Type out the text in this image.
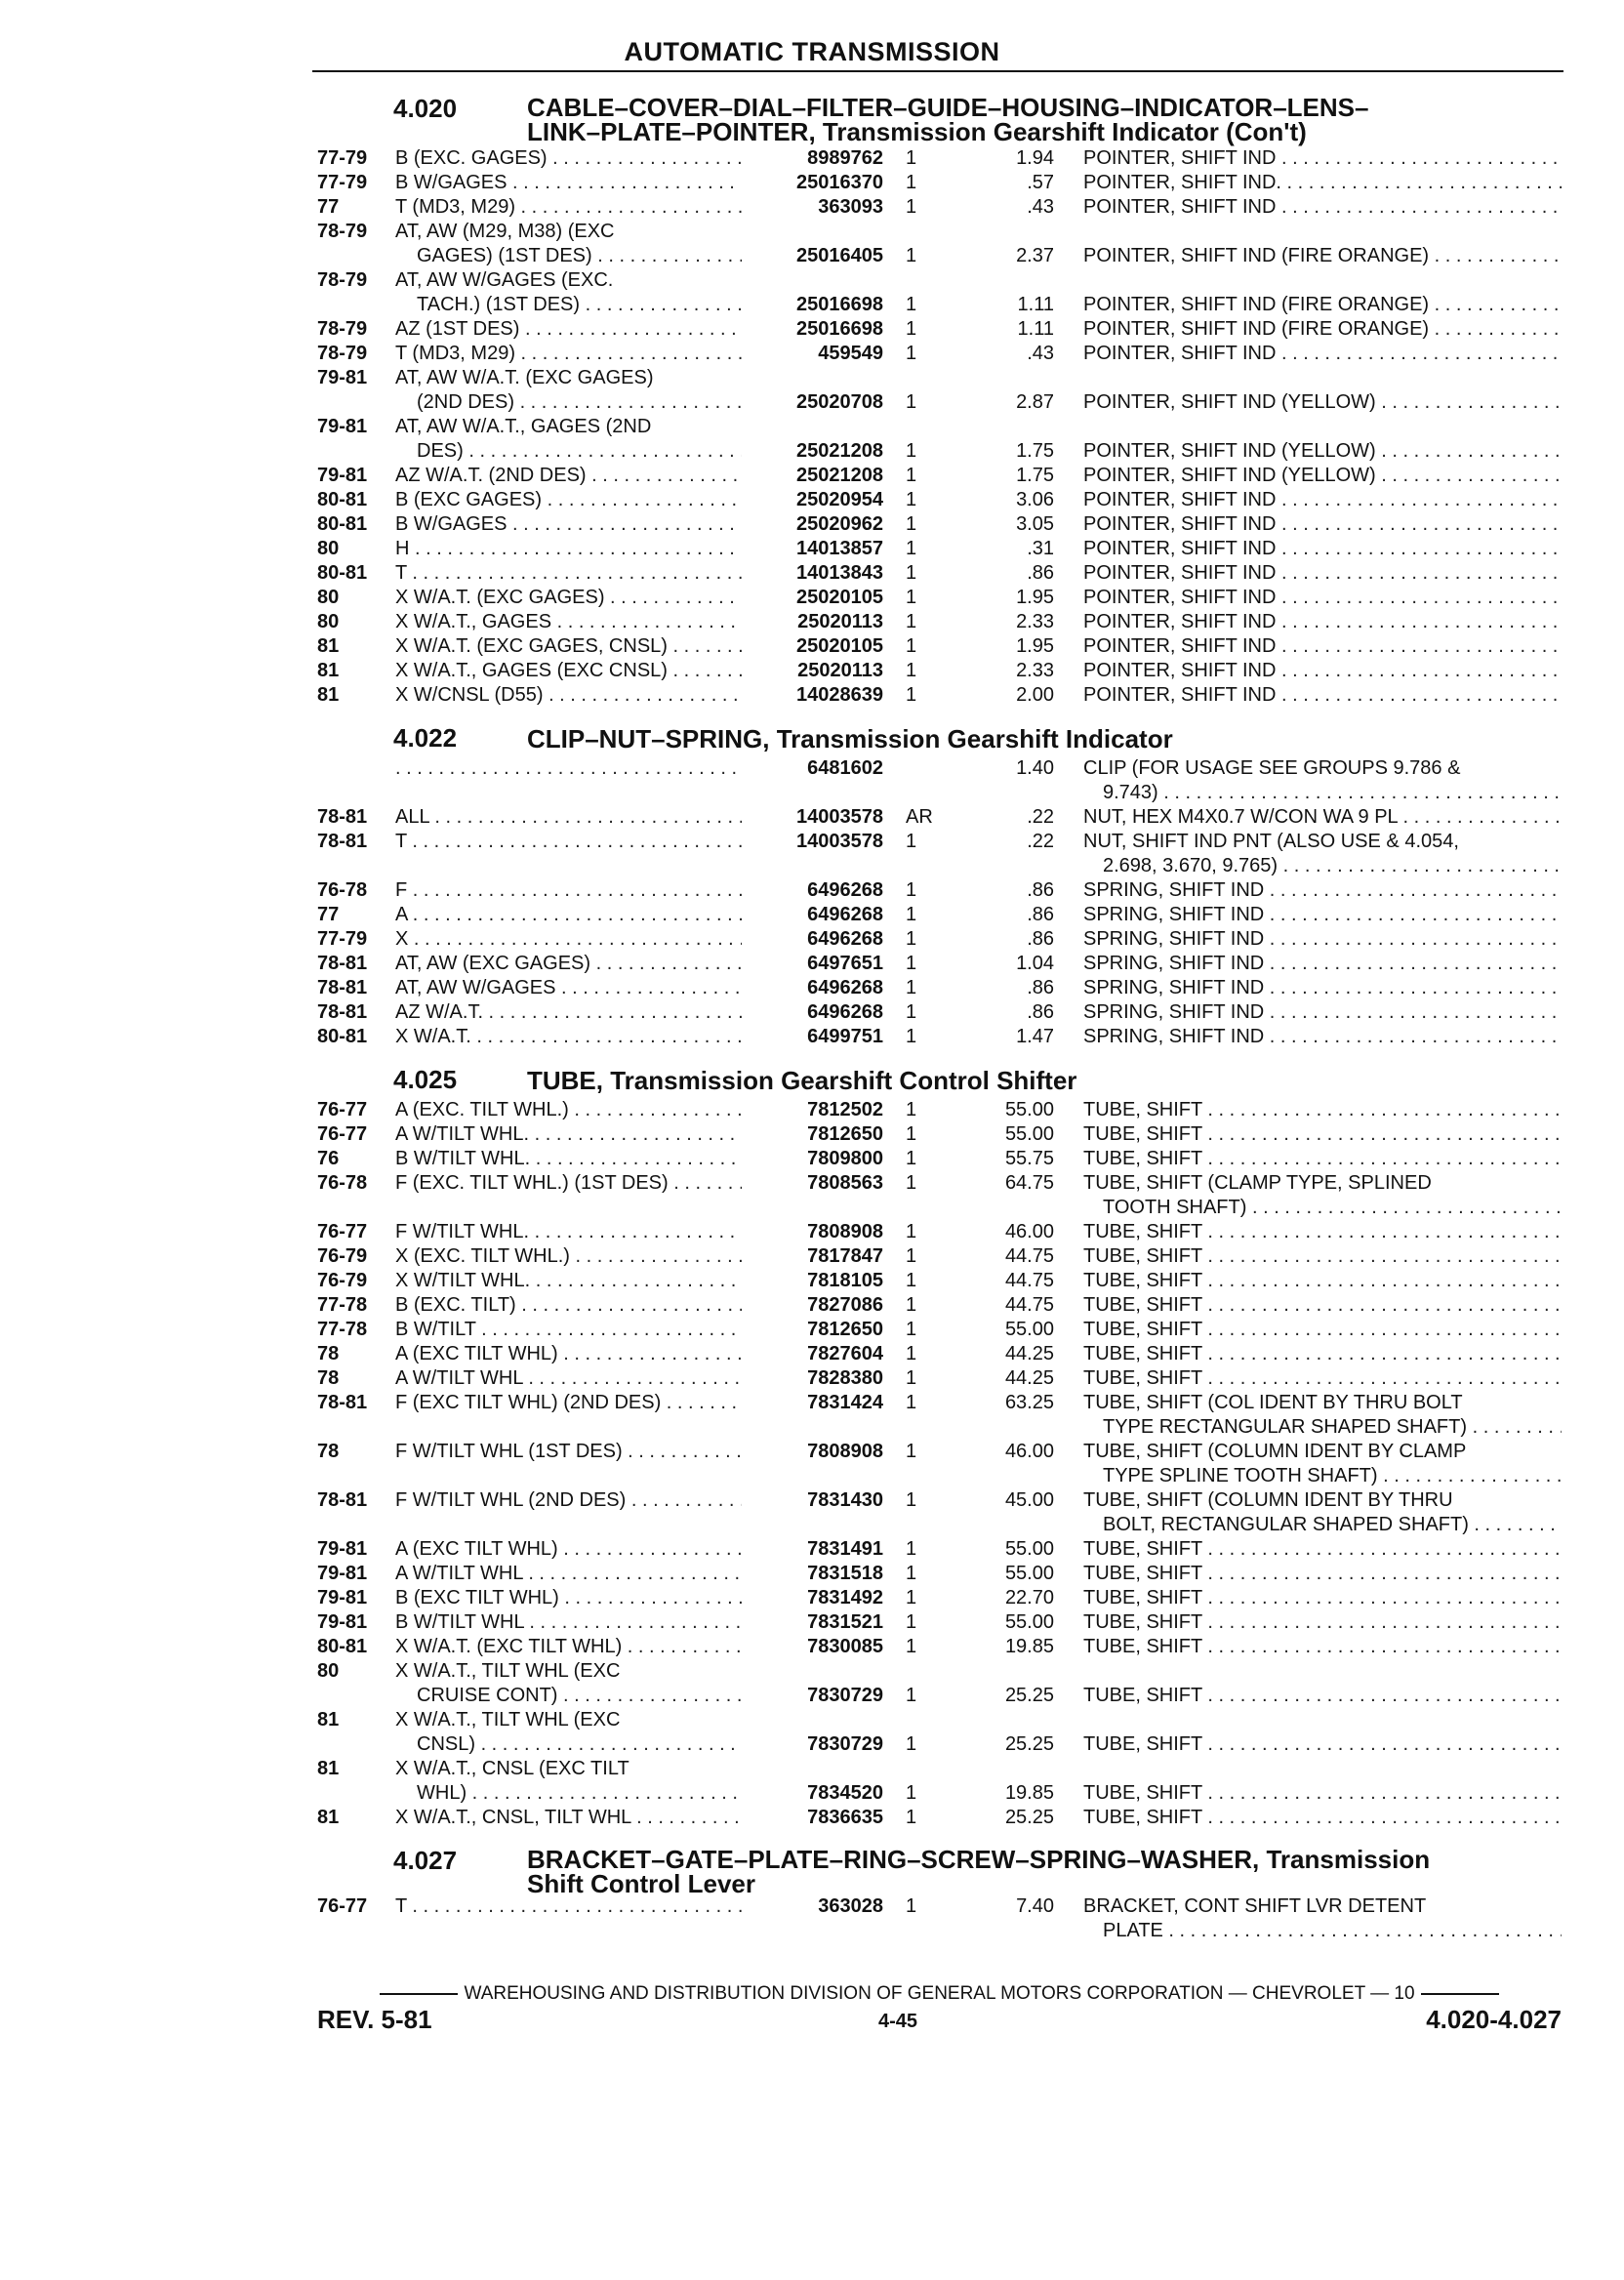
AUTOMATIC TRANSMISSION
4.020	CABLE–COVER–DIAL–FILTER–GUIDE–HOUSING–INDICATOR–LENS–
LINK–PLATE–POINTER, Transmission Gearshift Indicator (Con't)
77-79	B (EXC. GAGES) . . .	8989762 1	1.94 POINTER, SHIFT IND . . .
77-79	B W/GAGES . . .	25016370 1	.57 POINTER, SHIFT IND. . . .
77	T (MD3, M29) . . .	363093 1	.43 POINTER, SHIFT IND . . .
78-79	AT, AW (M29, M38) (EXC
GAGES) (1ST DES) . . .	25016405 1	2.37 POINTER, SHIFT IND (FIRE ORANGE) . . .
78-79	AT, AW W/GAGES (EXC.
TACH.) (1ST DES) . . .	25016698 1	1.11 POINTER, SHIFT IND (FIRE ORANGE) . . .
78-79	AZ (1ST DES) . . .	25016698 1	1.11 POINTER, SHIFT IND (FIRE ORANGE) . . .
78-79	T (MD3, M29) . . .	459549 1	.43 POINTER, SHIFT IND . . .
79-81	AT, AW W/A.T. (EXC GAGES)
(2ND DES) . . .	25020708 1	2.87 POINTER, SHIFT IND (YELLOW) . . .
79-81	AT, AW W/A.T., GAGES (2ND
DES) . . .	25021208 1	1.75 POINTER, SHIFT IND (YELLOW) . . .
79-81	AZ W/A.T. (2ND DES) . . .	25021208 1	1.75 POINTER, SHIFT IND (YELLOW) . . .
80-81	B (EXC GAGES) . . .	25020954 1	3.06 POINTER, SHIFT IND . . .
80-81	B W/GAGES . . .	25020962 1	3.05 POINTER, SHIFT IND . . .
80	H . . .	14013857 1	.31 POINTER, SHIFT IND . . .
80-81	T . . .	14013843 1	.86 POINTER, SHIFT IND . . .
80	X W/A.T. (EXC GAGES) . . .	25020105 1	1.95 POINTER, SHIFT IND . . .
80	X W/A.T., GAGES . . .	25020113 1	2.33 POINTER, SHIFT IND . . .
81	X W/A.T. (EXC GAGES, CNSL) . . .	25020105 1	1.95 POINTER, SHIFT IND . . .
81	X W/A.T., GAGES (EXC CNSL) . . .	25020113 1	2.33 POINTER, SHIFT IND . . .
81	X W/CNSL (D55) . . .	14028639 1	2.00 POINTER, SHIFT IND . . .
4.022	CLIP–NUT–SPRING, Transmission Gearshift Indicator
. . .
6481602	1.40 CLIP (FOR USAGE SEE GROUPS 9.786 &
9.743) . . .
78-81	ALL . . .	14003578 AR	.22 NUT, HEX M4X0.7 W/CON WA 9 PL . . .
78-81	T . . .	14003578 1	.22 NUT, SHIFT IND PNT (ALSO USE & 4.054,
2.698, 3.670, 9.765) . . .
76-78	F . . .	6496268 1	.86 SPRING, SHIFT IND . . .
77	A . . .	6496268 1	.86 SPRING, SHIFT IND . . .
77-79	X . . .	6496268 1	.86 SPRING, SHIFT IND . . .
78-81	AT, AW (EXC GAGES) . . .	6497651 1	1.04 SPRING, SHIFT IND . . .
78-81	AT, AW W/GAGES . . .	6496268 1	.86 SPRING, SHIFT IND . . .
78-81	AZ W/A.T. . . .	6496268 1	.86 SPRING, SHIFT IND . . .
80-81	X W/A.T. . . .	6499751 1	1.47 SPRING, SHIFT IND . . .
4.025	TUBE, Transmission Gearshift Control Shifter
76-77	A (EXC. TILT WHL.) . . .	7812502 1	55.00 TUBE, SHIFT . . .
76-77	A W/TILT WHL. . . .	7812650 1	55.00 TUBE, SHIFT . . .
76	B W/TILT WHL. . . .	7809800 1	55.75 TUBE, SHIFT . . .
76-78	F (EXC. TILT WHL.) (1ST DES) . . .	7808563 1	64.75 TUBE, SHIFT (CLAMP TYPE, SPLINED
TOOTH SHAFT) . . .
76-77	F W/TILT WHL. . . .	7808908 1	46.00 TUBE, SHIFT . . .
76-79	X (EXC. TILT WHL.) . . .	7817847 1	44.75 TUBE, SHIFT . . .
76-79	X W/TILT WHL. . . .	7818105 1	44.75 TUBE, SHIFT . . .
77-78	B (EXC. TILT) . . .	7827086 1	44.75 TUBE, SHIFT . . .
77-78	B W/TILT . . .	7812650 1	55.00 TUBE, SHIFT . . .
78	A (EXC TILT WHL) . . .	7827604 1	44.25 TUBE, SHIFT . . .
78	A W/TILT WHL . . .	7828380 1	44.25 TUBE, SHIFT . . .
78-81	F (EXC TILT WHL) (2ND DES) . . .	7831424 1	63.25 TUBE, SHIFT (COL IDENT BY THRU BOLT
TYPE RECTANGULAR SHAPED SHAFT) . . .
78	F W/TILT WHL (1ST DES) . . .	7808908 1	46.00 TUBE, SHIFT (COLUMN IDENT BY CLAMP
TYPE SPLINE TOOTH SHAFT) . . .
78-81	F W/TILT WHL (2ND DES) . . .	7831430 1	45.00 TUBE, SHIFT (COLUMN IDENT BY THRU
BOLT, RECTANGULAR SHAPED SHAFT) . . .
79-81	A (EXC TILT WHL) . . .	7831491 1	55.00 TUBE, SHIFT . . .
79-81	A W/TILT WHL . . .	7831518 1	55.00 TUBE, SHIFT . . .
79-81	B (EXC TILT WHL) . . .	7831492 1	22.70 TUBE, SHIFT . . .
79-81	B W/TILT WHL . . .	7831521 1	55.00 TUBE, SHIFT . . .
80-81	X W/A.T. (EXC TILT WHL) . . .	7830085 1	19.85 TUBE, SHIFT . . .
80	X W/A.T., TILT WHL (EXC
CRUISE CONT) . . .	7830729 1	25.25 TUBE, SHIFT . . .
81	X W/A.T., TILT WHL (EXC
CNSL) . . .	7830729 1	25.25 TUBE, SHIFT . . .
81	X W/A.T., CNSL (EXC TILT
WHL) . . .	7834520 1	19.85 TUBE, SHIFT . . .
81	X W/A.T., CNSL, TILT WHL . . .	7836635 1	25.25 TUBE, SHIFT . . .
4.027	BRACKET–GATE–PLATE–RING–SCREW–SPRING–WASHER, Transmission
Shift Control Lever
76-77	T . . .	363028 1	7.40 BRACKET, CONT SHIFT LVR DETENT
PLATE . . .
WAREHOUSING AND DISTRIBUTION DIVISION OF GENERAL MOTORS CORPORATION — CHEVROLET — 10
REV. 5-81	4-45	4.020-4.027
